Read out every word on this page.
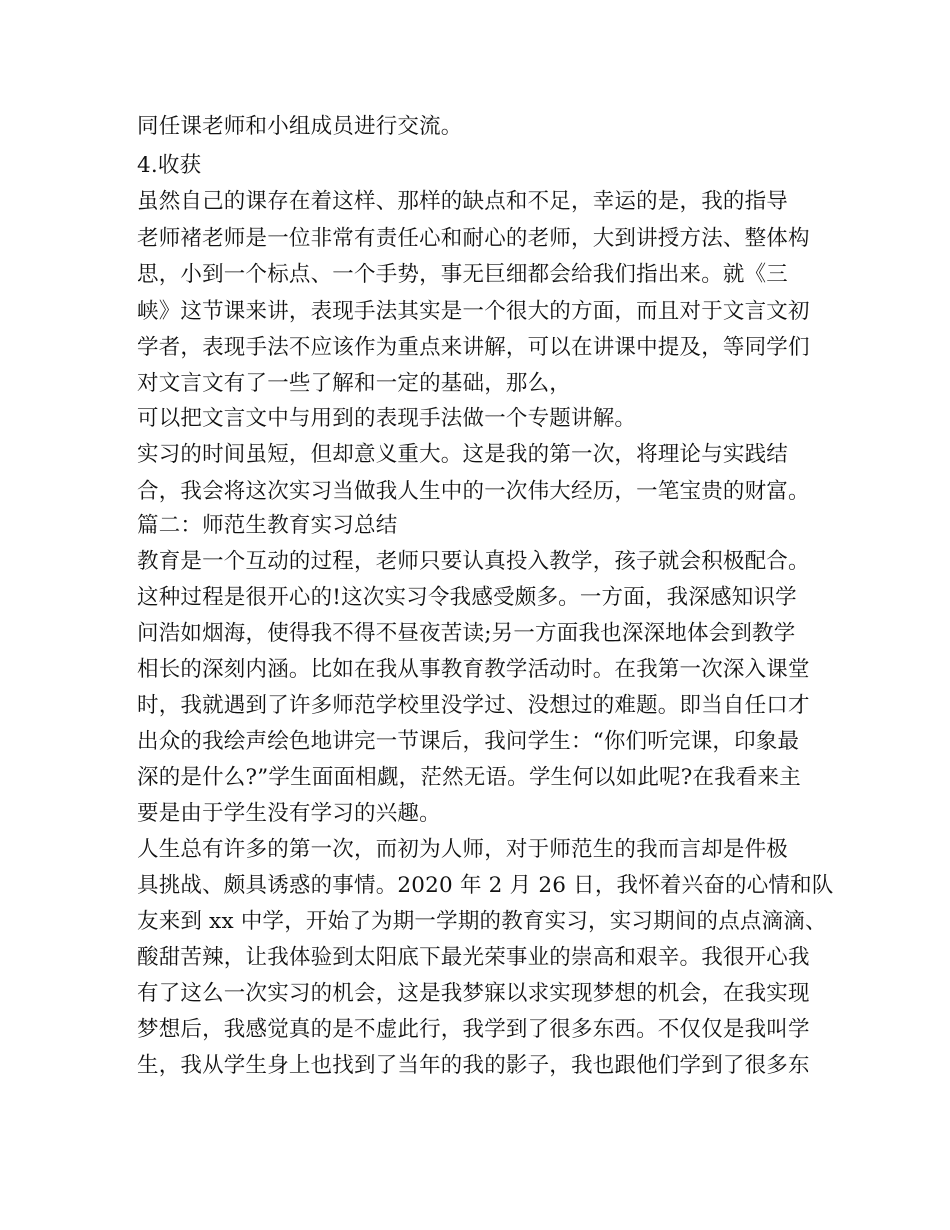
同任课老师和小组成员进行交流。
4.收获
虽然自己的课存在着这样、那样的缺点和不足，幸运的是，我的指导
老师褚老师是一位非常有责任心和耐心的老师，大到讲授方法、整体构
思，小到一个标点、一个手势，事无巨细都会给我们指出来。就《三
峡》这节课来讲，表现手法其实是一个很大的方面，而且对于文言文初
学者，表现手法不应该作为重点来讲解，可以在讲课中提及，等同学们
对文言文有了一些了解和一定的基础，那么，
可以把文言文中与用到的表现手法做一个专题讲解。
实习的时间虽短，但却意义重大。这是我的第一次，将理论与实践结
合，我会将这次实习当做我人生中的一次伟大经历，一笔宝贵的财富。
篇二：师范生教育实习总结
教育是一个互动的过程，老师只要认真投入教学，孩子就会积极配合。
这种过程是很开心的!这次实习令我感受颇多。一方面，我深感知识学
问浩如烟海，使得我不得不昼夜苦读;另一方面我也深深地体会到教学
相长的深刻内涵。比如在我从事教育教学活动时。在我第一次深入课堂
时，我就遇到了许多师范学校里没学过、没想过的难题。即当自任口才
出众的我绘声绘色地讲完一节课后，我问学生：“你们听完课，印象最
深的是什么?”学生面面相觑，茫然无语。学生何以如此呢?在我看来主
要是由于学生没有学习的兴趣。
人生总有许多的第一次，而初为人师，对于师范生的我而言却是件极
具挑战、颇具诱惑的事情。2020 年 2 月 26 日，我怀着兴奋的心情和队
友来到 xx 中学，开始了为期一学期的教育实习，实习期间的点点滴滴、
酸甜苦辣，让我体验到太阳底下最光荣事业的崇高和艰辛。我很开心我
有了这么一次实习的机会，这是我梦寐以求实现梦想的机会，在我实现
梦想后，我感觉真的是不虚此行，我学到了很多东西。不仅仅是我叫学
生，我从学生身上也找到了当年的我的影子，我也跟他们学到了很多东
